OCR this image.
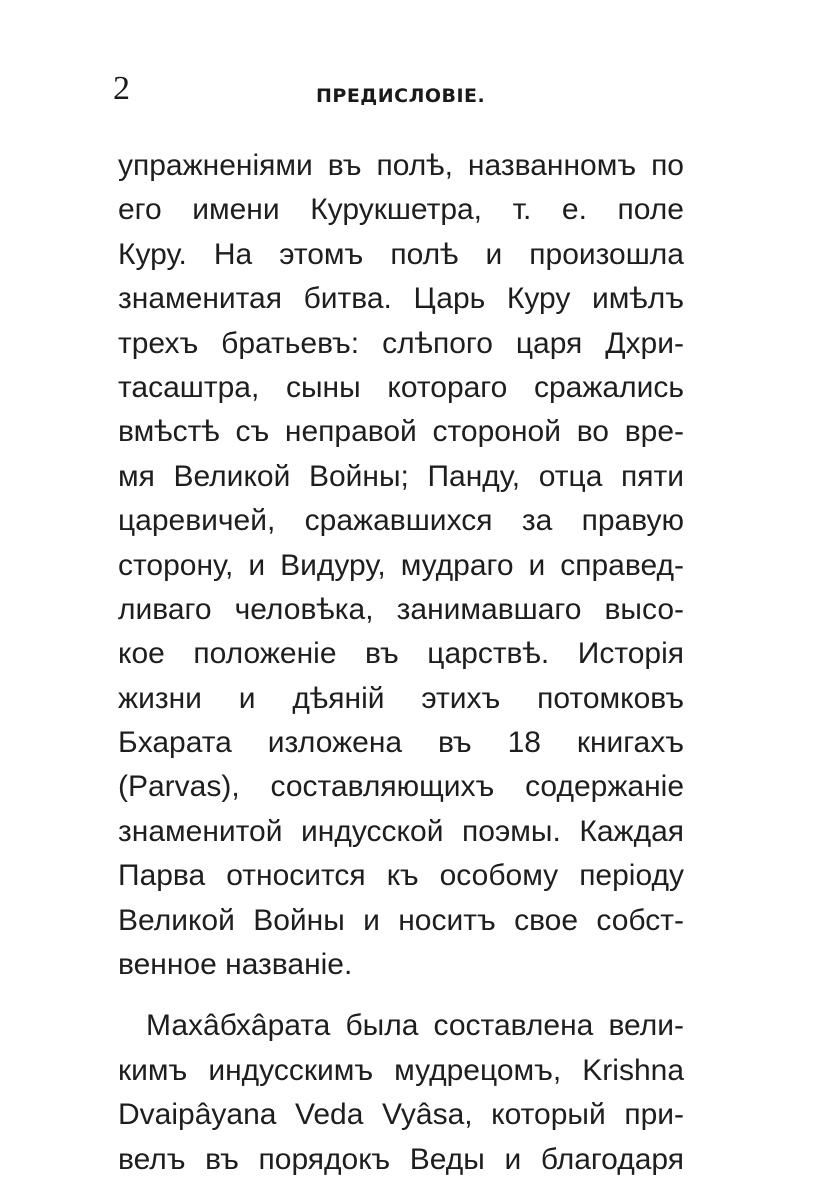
2	ПРЕДИСЛОВІЕ.
упражненіями въ полѣ, названномъ по
его имени Курукшетра, т. е. поле
Куру. На этомъ полѣ и произошла
знаменитая битва. Царь Куру имѣлъ
трехъ братьевъ: слѣпого царя Дхри-
тасаштра, сыны котораго сражались
вмѣстѣ съ неправой стороной во вре-
мя Великой Войны; Панду, отца пяти
царевичей, сражавшихся за правую
сторону, и Видуру, мудраго и справед-
ливаго человѣка, занимавшаго высо-
кое положеніе въ царствѣ. Исторія
жизни и дѣяній этихъ потомковъ
Бхарата изложена въ 18 книгахъ
(Parvas), составляющихъ содержаніе
знаменитой индусской поэмы. Каждая
Парва относится къ особому періоду
Великой Войны и носитъ свое собст-
венное названіе.
Махâбхâрата была составлена вели-
кимъ индусскимъ мудрецомъ, Krishna
Dvaipâyana Veda Vyâsa, который при-
велъ въ порядокъ Веды и благодаря
